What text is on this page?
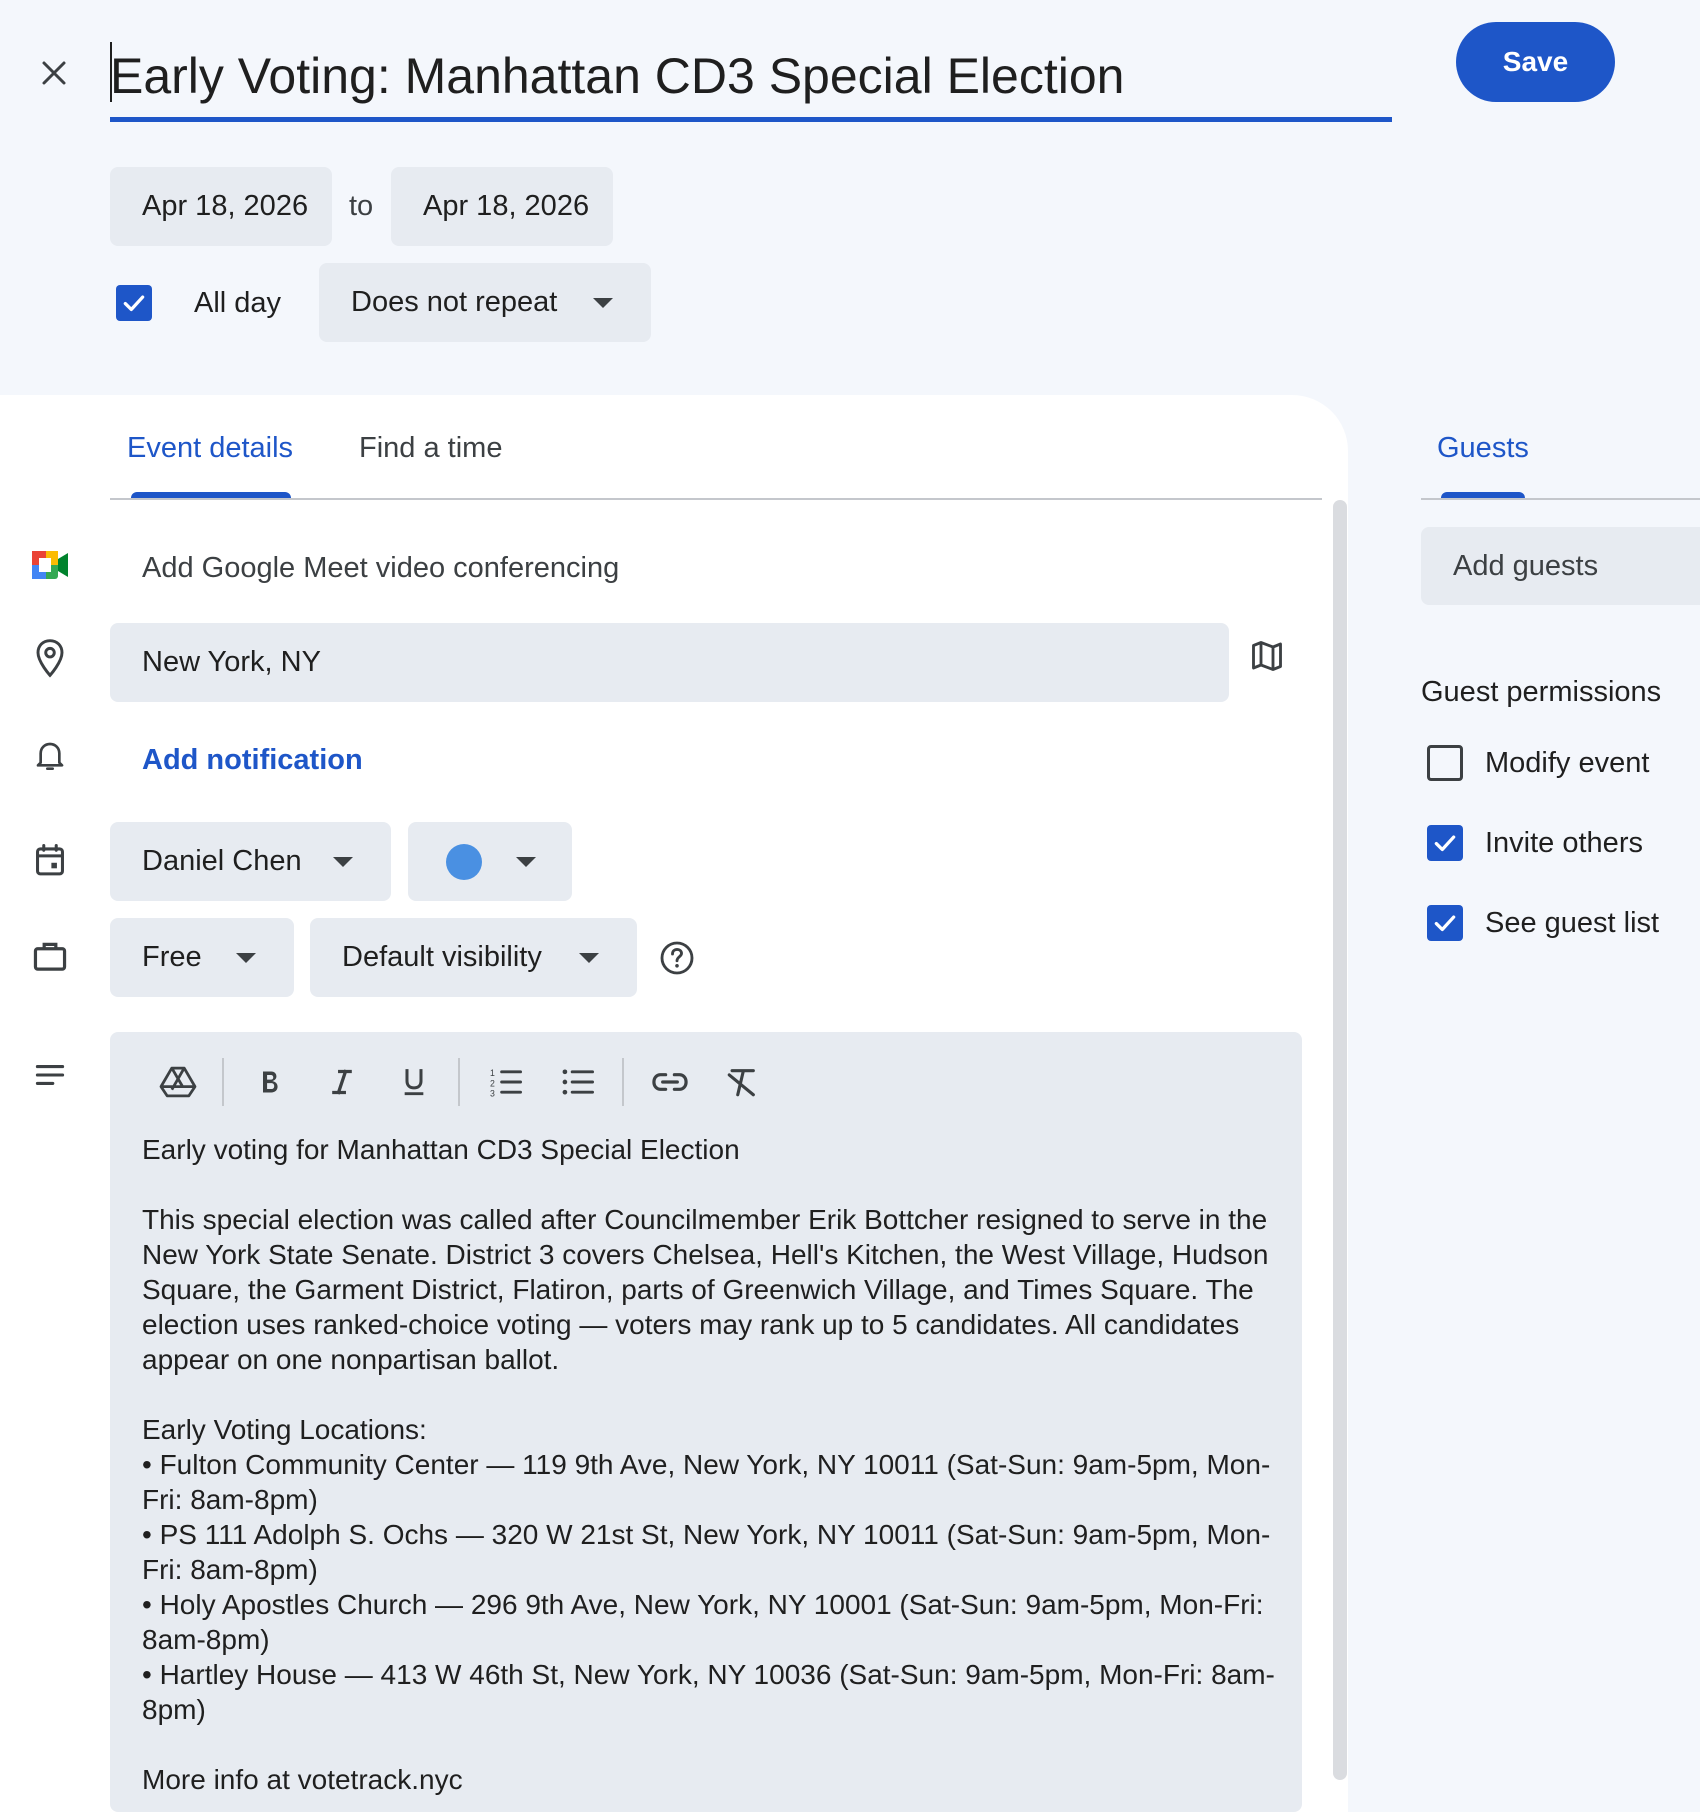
Early Voting: Manhattan CD3 Special Election
Save
Apr 18, 2026	to	Apr 18, 2026
All day Does not repeat
Event details Find a time
Add Google Meet video conferencing
New York, NY
Add notification
Daniel Chen
Free	Default visibility
1
2
3
Early voting for Manhattan CD3 Special Election

This special election was called after Councilmember Erik Bottcher resigned to serve in the New York State Senate. District 3 covers Chelsea, Hell's Kitchen, the West Village, Hudson Square, the Garment District, Flatiron, parts of Greenwich Village, and Times Square. The election uses ranked-choice voting — voters may rank up to 5 candidates. All candidates appear on one nonpartisan ballot.

Early Voting Locations:
• Fulton Community Center — 119 9th Ave, New York, NY 10011 (Sat-Sun: 9am-5pm, Mon-Fri: 8am-8pm)
• PS 111 Adolph S. Ochs — 320 W 21st St, New York, NY 10011 (Sat-Sun: 9am-5pm, Mon-Fri: 8am-8pm)
• Holy Apostles Church — 296 9th Ave, New York, NY 10001 (Sat-Sun: 9am-5pm, Mon-Fri: 8am-8pm)
• Hartley House — 413 W 46th St, New York, NY 10036 (Sat-Sun: 9am-5pm, Mon-Fri: 8am-8pm)

More info at votetrack.nyc
Guests
Add guests
Guest permissions
Modify event
Invite others
See guest list
